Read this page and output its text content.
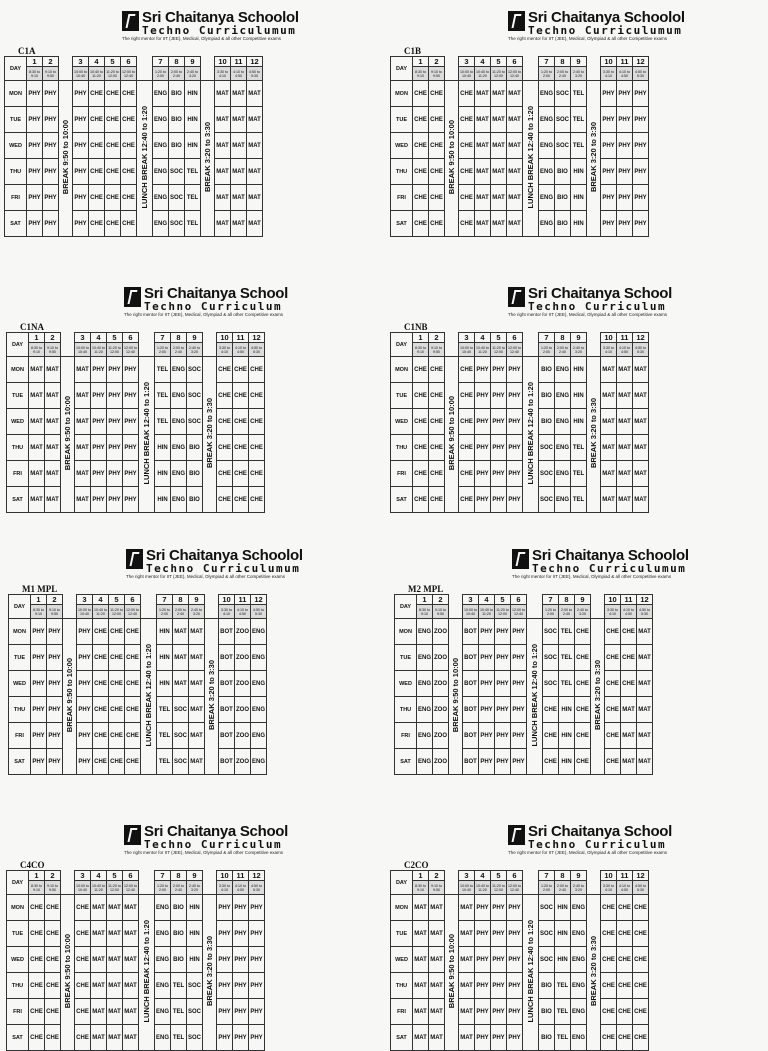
Sri Chaitanya Schoolol
Techno Curriculumum
The right mentor for IIT (JEE), Medical, Olympiad & all other Competitive exams
C1A
DAY	1	2		3	4	5	6		7	8	9		10	11	12
	8:30 to 9:10	9:10 to 9:50		10:00 to 10:40	10:40 to 11:20	11:20 to 12:00	12:00 to 12:40		1:20 to 2:00	2:00 to 2:40	2:40 to 3:20		3:30 to 4:10	4:10 to 4:50	4:50 to 5:30
MON	PHY	PHY	BREAK 9:50 to 10:00	PHY	CHE	CHE	CHE	LUNCH BREAK 12:40 to 1:20	ENG	BIO	HIN	BREAK 3:20 to 3:30	MAT	MAT	MAT
TUE	PHY	PHY		PHY	CHE	CHE	CHE		ENG	BIO	HIN		MAT	MAT	MAT
WED	PHY	PHY		PHY	CHE	CHE	CHE		ENG	BIO	HIN		MAT	MAT	MAT
THU	PHY	PHY		PHY	CHE	CHE	CHE		ENG	SOC	TEL		MAT	MAT	MAT
FRI	PHY	PHY		PHY	CHE	CHE	CHE		ENG	SOC	TEL		MAT	MAT	MAT
SAT	PHY	PHY		PHY	CHE	CHE	CHE		ENG	SOC	TEL		MAT	MAT	MAT
Sri Chaitanya Schoolol
Techno Curriculumum
The right mentor for IIT (JEE), Medical, Olympiad & all other Competitive exams
C1B
DAY	1	2		3	4	5	6		7	8	9		10	11	12
	8:30 to 9:10	9:10 to 9:50		10:00 to 10:40	10:40 to 11:20	11:20 to 12:00	12:00 to 12:40		1:20 to 2:00	2:00 to 2:40	2:40 to 3:20		3:30 to 4:10	4:10 to 4:50	4:50 to 5:30
MON	CHE	CHE	BREAK 9:50 to 10:00	CHE	MAT	MAT	MAT	LUNCH BREAK 12:40 to 1:20	ENG	SOC	TEL	BREAK 3:20 to 3:30	PHY	PHY	PHY
TUE	CHE	CHE		CHE	MAT	MAT	MAT		ENG	SOC	TEL		PHY	PHY	PHY
WED	CHE	CHE		CHE	MAT	MAT	MAT		ENG	SOC	TEL		PHY	PHY	PHY
THU	CHE	CHE		CHE	MAT	MAT	MAT		ENG	BIO	HIN		PHY	PHY	PHY
FRI	CHE	CHE		CHE	MAT	MAT	MAT		ENG	BIO	HIN		PHY	PHY	PHY
SAT	CHE	CHE		CHE	MAT	MAT	MAT		ENG	BIO	HIN		PHY	PHY	PHY
Sri Chaitanya School
Techno Curriculum
The right mentor for IIT (JEE), Medical, Olympiad & all other Competitive exams
C1NA
DAY	1	2		3	4	5	6		7	8	9		10	11	12
	8:30 to 9:10	9:10 to 9:50		10:00 to 10:40	10:40 to 11:20	11:20 to 12:00	12:00 to 12:40		1:20 to 2:00	2:00 to 2:40	2:40 to 3:20		3:30 to 4:10	4:10 to 4:50	4:50 to 5:30
MON	MAT	MAT	BREAK 9:50 to 10:00	MAT	PHY	PHY	PHY	LUNCH BREAK 12:40 to 1:20	TEL	ENG	SOC	BREAK 3:20 to 3:30	CHE	CHE	CHE
TUE	MAT	MAT		MAT	PHY	PHY	PHY		TEL	ENG	SOC		CHE	CHE	CHE
WED	MAT	MAT		MAT	PHY	PHY	PHY		TEL	ENG	SOC		CHE	CHE	CHE
THU	MAT	MAT		MAT	PHY	PHY	PHY		HIN	ENG	BIO		CHE	CHE	CHE
FRI	MAT	MAT		MAT	PHY	PHY	PHY		HIN	ENG	BIO		CHE	CHE	CHE
SAT	MAT	MAT		MAT	PHY	PHY	PHY		HIN	ENG	BIO		CHE	CHE	CHE
Sri Chaitanya School
Techno Curriculum
The right mentor for IIT (JEE), Medical, Olympiad & all other Competitive exams
C1NB
DAY	1	2		3	4	5	6		7	8	9		10	11	12
	8:30 to 9:10	9:10 to 9:50		10:00 to 10:40	10:40 to 11:20	11:20 to 12:00	12:00 to 12:40		1:20 to 2:00	2:00 to 2:40	2:40 to 3:20		3:30 to 4:10	4:10 to 4:50	4:50 to 5:30
MON	CHE	CHE	BREAK 9:50 to 10:00	CHE	PHY	PHY	PHY	LUNCH BREAK 12:40 to 1:20	BIO	ENG	HIN	BREAK 3:20 to 3:30	MAT	MAT	MAT
TUE	CHE	CHE		CHE	PHY	PHY	PHY		BIO	ENG	HIN		MAT	MAT	MAT
WED	CHE	CHE		CHE	PHY	PHY	PHY		BIO	ENG	HIN		MAT	MAT	MAT
THU	CHE	CHE		CHE	PHY	PHY	PHY		SOC	ENG	TEL		MAT	MAT	MAT
FRI	CHE	CHE		CHE	PHY	PHY	PHY		SOC	ENG	TEL		MAT	MAT	MAT
SAT	CHE	CHE		CHE	PHY	PHY	PHY		SOC	ENG	TEL		MAT	MAT	MAT
Sri Chaitanya Schoolol
Techno Curriculumum
The right mentor for IIT (JEE), Medical, Olympiad & all other Competitive exams
M1 MPL
DAY	1	2		3	4	5	6		7	8	9		10	11	12
	8:30 to 9:10	9:10 to 9:50		10:00 to 10:40	10:40 to 11:20	11:20 to 12:00	12:00 to 12:40		1:20 to 2:00	2:00 to 2:40	2:40 to 3:20		3:30 to 4:10	4:10 to 4:50	4:50 to 5:30
MON	PHY	PHY	BREAK 9:50 to 10:00	PHY	CHE	CHE	CHE	LUNCH BREAK 12:40 to 1:20	HIN	MAT	MAT	BREAK 3:20 to 3:30	BOT	ZOO	ENG
TUE	PHY	PHY		PHY	CHE	CHE	CHE		HIN	MAT	MAT		BOT	ZOO	ENG
WED	PHY	PHY		PHY	CHE	CHE	CHE		HIN	MAT	MAT		BOT	ZOO	ENG
THU	PHY	PHY		PHY	CHE	CHE	CHE		TEL	SOC	MAT		BOT	ZOO	ENG
FRI	PHY	PHY		PHY	CHE	CHE	CHE		TEL	SOC	MAT		BOT	ZOO	ENG
SAT	PHY	PHY		PHY	CHE	CHE	CHE		TEL	SOC	MAT		BOT	ZOO	ENG
Sri Chaitanya Schoolol
Techno Curriculumum
The right mentor for IIT (JEE), Medical, Olympiad & all other Competitive exams
M2 MPL
DAY	1	2		3	4	5	6		7	8	9		10	11	12
	8:30 to 9:10	9:10 to 9:50		10:00 to 10:40	10:40 to 11:20	11:20 to 12:00	12:00 to 12:40		1:20 to 2:00	2:00 to 2:40	2:40 to 3:20		3:30 to 4:10	4:10 to 4:50	4:50 to 5:30
MON	ENG	ZOO	BREAK 9:50 to 10:00	BOT	PHY	PHY	PHY	LUNCH BREAK 12:40 to 1:20	SOC	TEL	CHE	BREAK 3:20 to 3:30	CHE	CHE	MAT
TUE	ENG	ZOO		BOT	PHY	PHY	PHY		SOC	TEL	CHE		CHE	CHE	MAT
WED	ENG	ZOO		BOT	PHY	PHY	PHY		SOC	TEL	CHE		CHE	CHE	MAT
THU	ENG	ZOO		BOT	PHY	PHY	PHY		CHE	HIN	CHE		CHE	MAT	MAT
FRI	ENG	ZOO		BOT	PHY	PHY	PHY		CHE	HIN	CHE		CHE	MAT	MAT
SAT	ENG	ZOO		BOT	PHY	PHY	PHY		CHE	HIN	CHE		CHE	MAT	MAT
Sri Chaitanya School
Techno Curriculum
The right mentor for IIT (JEE), Medical, Olympiad & all other Competitive exams
C4CO
DAY	1	2		3	4	5	6		7	8	9		10	11	12
	8:30 to 9:10	9:10 to 9:50		10:00 to 10:40	10:40 to 11:20	11:20 to 12:00	12:00 to 12:40		1:20 to 2:00	2:00 to 2:40	2:40 to 3:20		3:30 to 4:10	4:10 to 4:50	4:50 to 5:30
MON	CHE	CHE	BREAK 9:50 to 10:00	CHE	MAT	MAT	MAT	LUNCH BREAK 12:40 to 1:20	ENG	BIO	HIN	BREAK 3:20 to 3:30	PHY	PHY	PHY
TUE	CHE	CHE		CHE	MAT	MAT	MAT		ENG	BIO	HIN		PHY	PHY	PHY
WED	CHE	CHE		CHE	MAT	MAT	MAT		ENG	BIO	HIN		PHY	PHY	PHY
THU	CHE	CHE		CHE	MAT	MAT	MAT		ENG	TEL	SOC		PHY	PHY	PHY
FRI	CHE	CHE		CHE	MAT	MAT	MAT		ENG	TEL	SOC		PHY	PHY	PHY
SAT	CHE	CHE		CHE	MAT	MAT	MAT		ENG	TEL	SOC		PHY	PHY	PHY
Sri Chaitanya School
Techno Curriculum
The right mentor for IIT (JEE), Medical, Olympiad & all other Competitive exams
C2CO
DAY	1	2		3	4	5	6		7	8	9		10	11	12
	8:30 to 9:10	9:10 to 9:50		10:00 to 10:40	10:40 to 11:20	11:20 to 12:00	12:00 to 12:40		1:20 to 2:00	2:00 to 2:40	2:40 to 3:20		3:30 to 4:10	4:10 to 4:50	4:50 to 5:30
MON	MAT	MAT	BREAK 9:50 to 10:00	MAT	PHY	PHY	PHY	LUNCH BREAK 12:40 to 1:20	SOC	HIN	ENG	BREAK 3:20 to 3:30	CHE	CHE	CHE
TUE	MAT	MAT		MAT	PHY	PHY	PHY		SOC	HIN	ENG		CHE	CHE	CHE
WED	MAT	MAT		MAT	PHY	PHY	PHY		SOC	HIN	ENG		CHE	CHE	CHE
THU	MAT	MAT		MAT	PHY	PHY	PHY		BIO	TEL	ENG		CHE	CHE	CHE
FRI	MAT	MAT		MAT	PHY	PHY	PHY		BIO	TEL	ENG		CHE	CHE	CHE
SAT	MAT	MAT		MAT	PHY	PHY	PHY		BIO	TEL	ENG		CHE	CHE	CHE
